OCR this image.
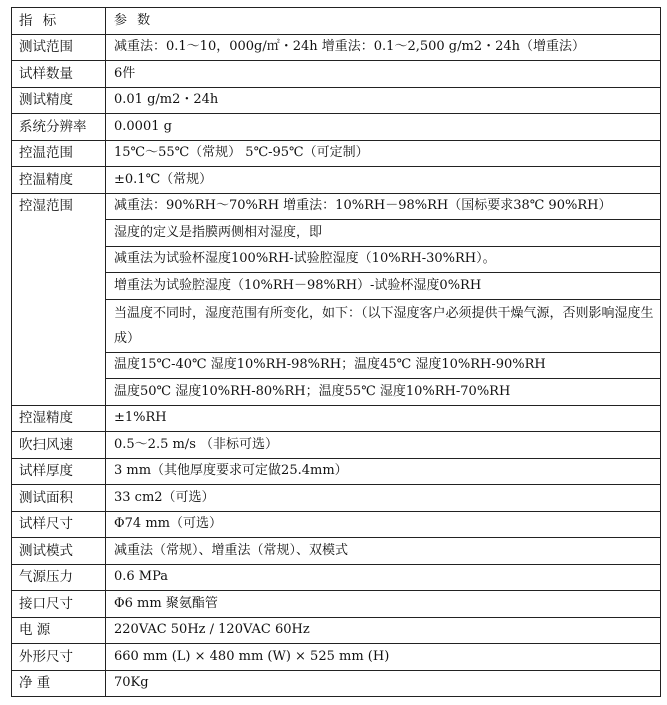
指 标	参 数
测试范围	减重法：0.1～10，000g/㎡・24h 增重法：0.1～2,500 g/m2・24h（增重法）
试样数量	6件
测试精度	0.01 g/m2・24h
系统分辨率	0.0001 g
控温范围	15℃～55℃（常规） 5℃-95℃（可定制）
控温精度	±0.1℃（常规）
控湿范围	减重法：90%RH～70%RH 增重法：10%RH－98%RH（国标要求38℃ 90%RH）
	湿度的定义是指膜两侧相对湿度，即
	减重法为试验杯湿度100%RH-试验腔湿度（10%RH-30%RH）。
	增重法为试验腔湿度（10%RH－98%RH）-试验杯湿度0%RH
	当温度不同时，湿度范围有所变化，如下：（以下湿度客户必须提供干燥气源，否则影响湿度生成）
	温度15℃-40℃ 湿度10%RH-98%RH；温度45℃ 湿度10%RH-90%RH
	温度50℃ 湿度10%RH-80%RH；温度55℃ 湿度10%RH-70%RH
控湿精度	±1%RH
吹扫风速	0.5～2.5 m/s （非标可选）
试样厚度	3 mm（其他厚度要求可定做25.4mm）
测试面积	33 cm2（可选）
试样尺寸	Φ74 mm（可选）
测试模式	减重法（常规）、增重法（常规）、双模式
气源压力	0.6 MPa
接口尺寸	Φ6 mm 聚氨酯管
电 源	220VAC 50Hz / 120VAC 60Hz
外形尺寸	660 mm (L) × 480 mm (W) × 525 mm (H)
净 重	70Kg
